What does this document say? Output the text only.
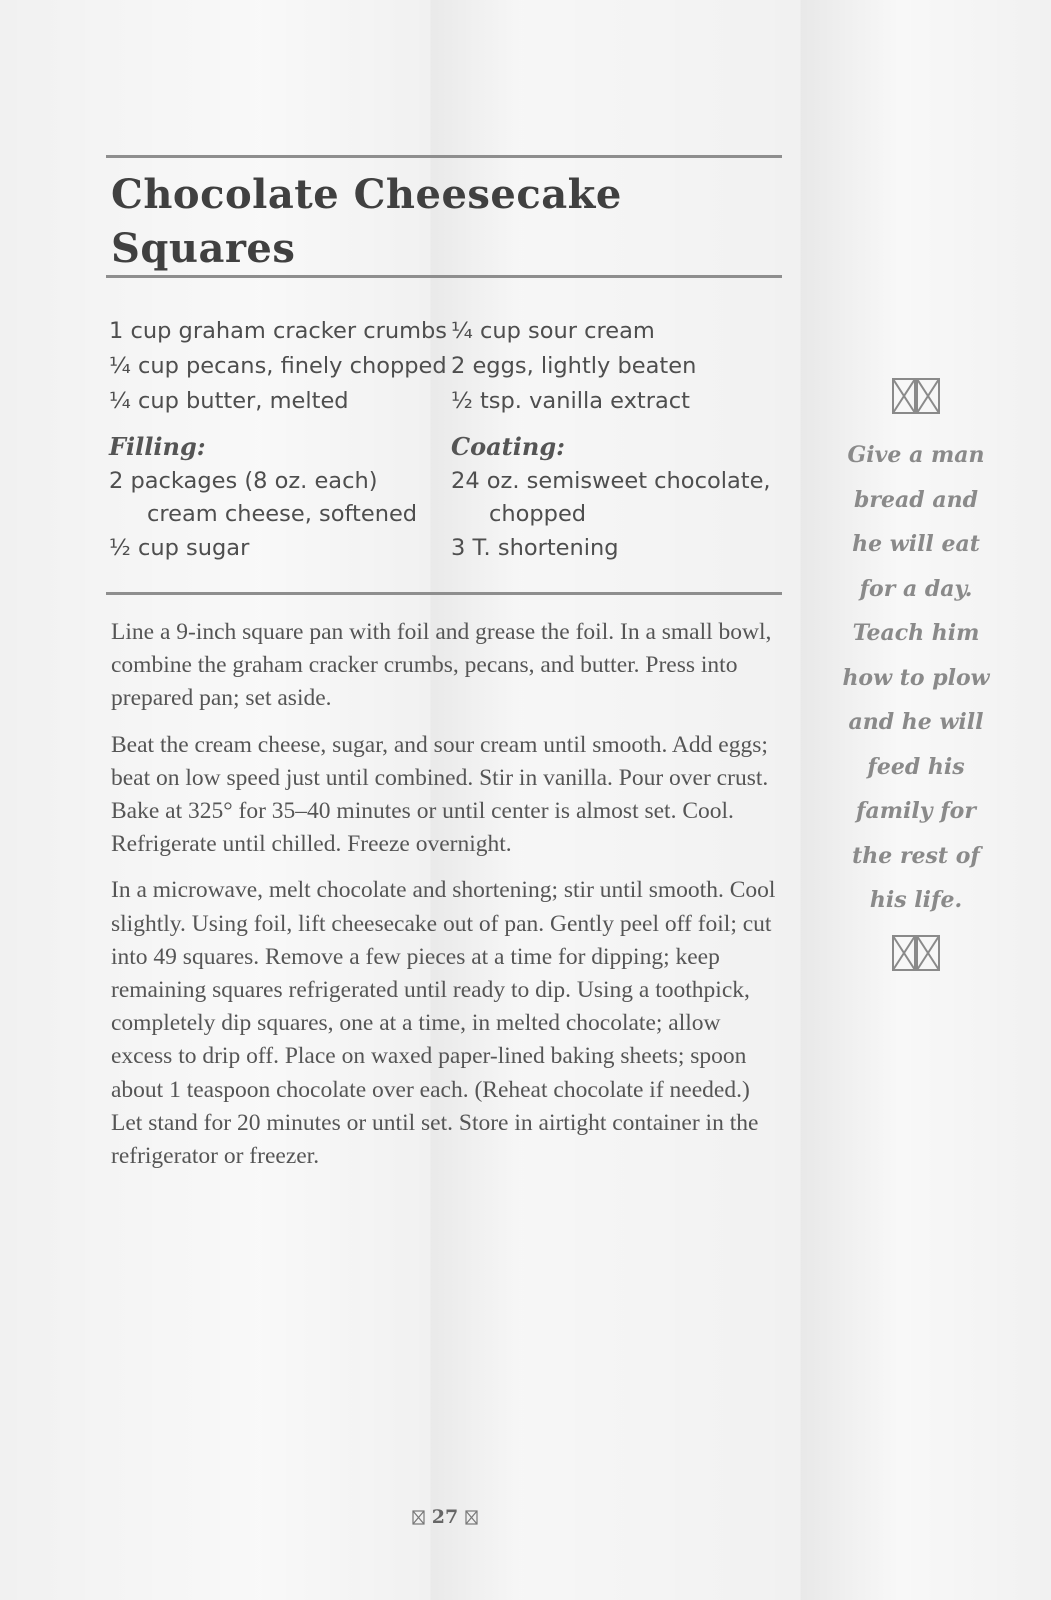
Chocolate Cheesecake Squares
1 cup graham cracker crumbs
¼ cup pecans, finely chopped
¼ cup butter, melted
Filling:
2 packages (8 oz. each) cream cheese, softened
½ cup sugar
¼ cup sour cream
2 eggs, lightly beaten
½ tsp. vanilla extract
Coating:
24 oz. semisweet chocolate, chopped
3 T. shortening

Line a 9-inch square pan with foil and grease the foil. In a small bowl, combine the graham cracker crumbs, pecans, and butter. Press into prepared pan; set aside.

Beat the cream cheese, sugar, and sour cream until smooth. Add eggs; beat on low speed just until combined. Stir in vanilla. Pour over crust. Bake at 325° for 35–40 minutes or until center is almost set. Cool. Refrigerate until chilled. Freeze overnight.

In a microwave, melt chocolate and shortening; stir until smooth. Cool slightly. Using foil, lift cheesecake out of pan. Gently peel off foil; cut into 49 squares. Remove a few pieces at a time for dipping; keep remaining squares refrigerated until ready to dip. Using a toothpick, completely dip squares, one at a time, in melted chocolate; allow excess to drip off. Place on waxed paper-lined baking sheets; spoon about 1 teaspoon chocolate over each. (Reheat chocolate if needed.) Let stand for 20 minutes or until set. Store in airtight container in the refrigerator or freezer.

Give a man
bread and
he will eat
for a day.
Teach him
how to plow
and he will
feed his
family for
the rest of
his life.
27
